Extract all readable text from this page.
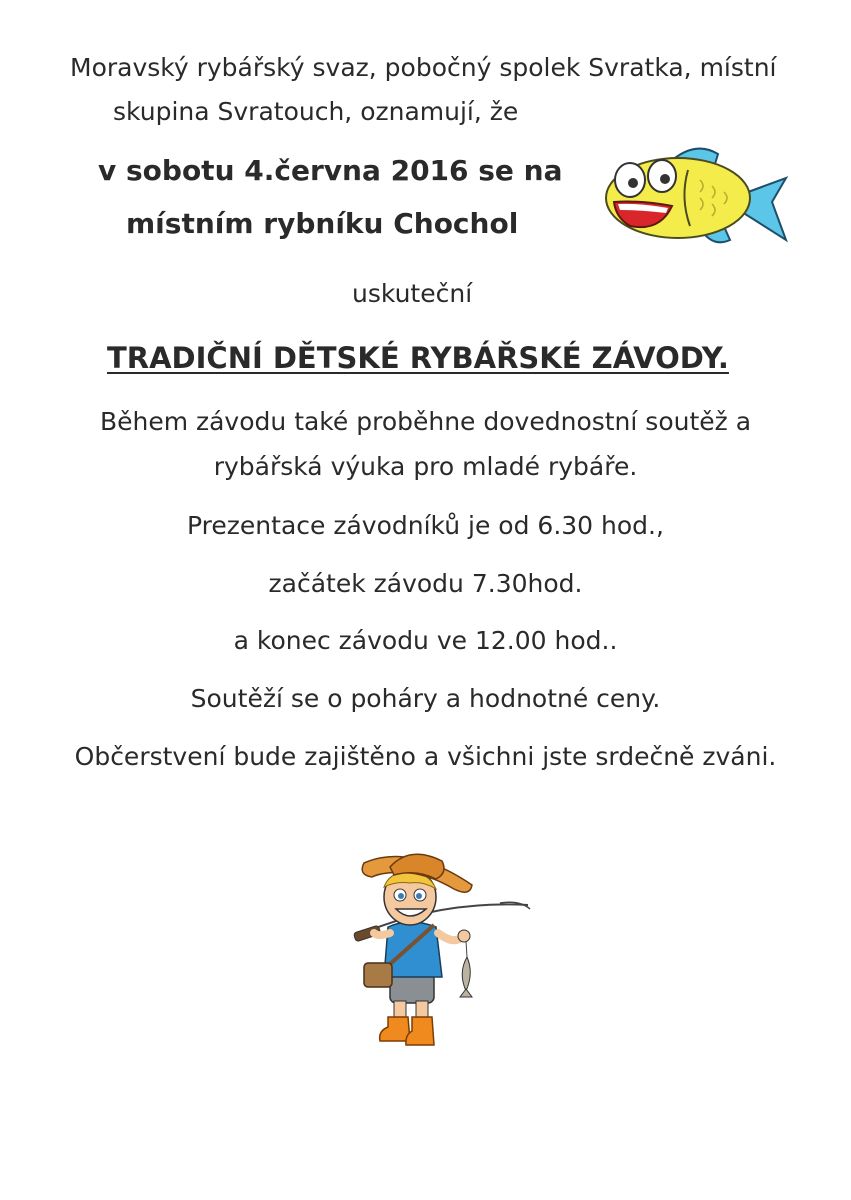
Moravský rybářský svaz, pobočný spolek Svratka, místní
skupina Svratouch, oznamují, že
v sobotu 4.června 2016 se na
místním rybníku Chochol
uskuteční
TRADIČNÍ DĚTSKÉ RYBÁŘSKÉ ZÁVODY.
Během závodu také proběhne dovednostní soutěž a
rybářská výuka pro mladé rybáře.
Prezentace závodníků je od 6.30 hod.,
začátek závodu 7.30hod.
a konec závodu ve 12.00 hod..
Soutěží se o poháry a hodnotné ceny.
Občerstvení bude zajištěno a všichni jste srdečně zváni.
